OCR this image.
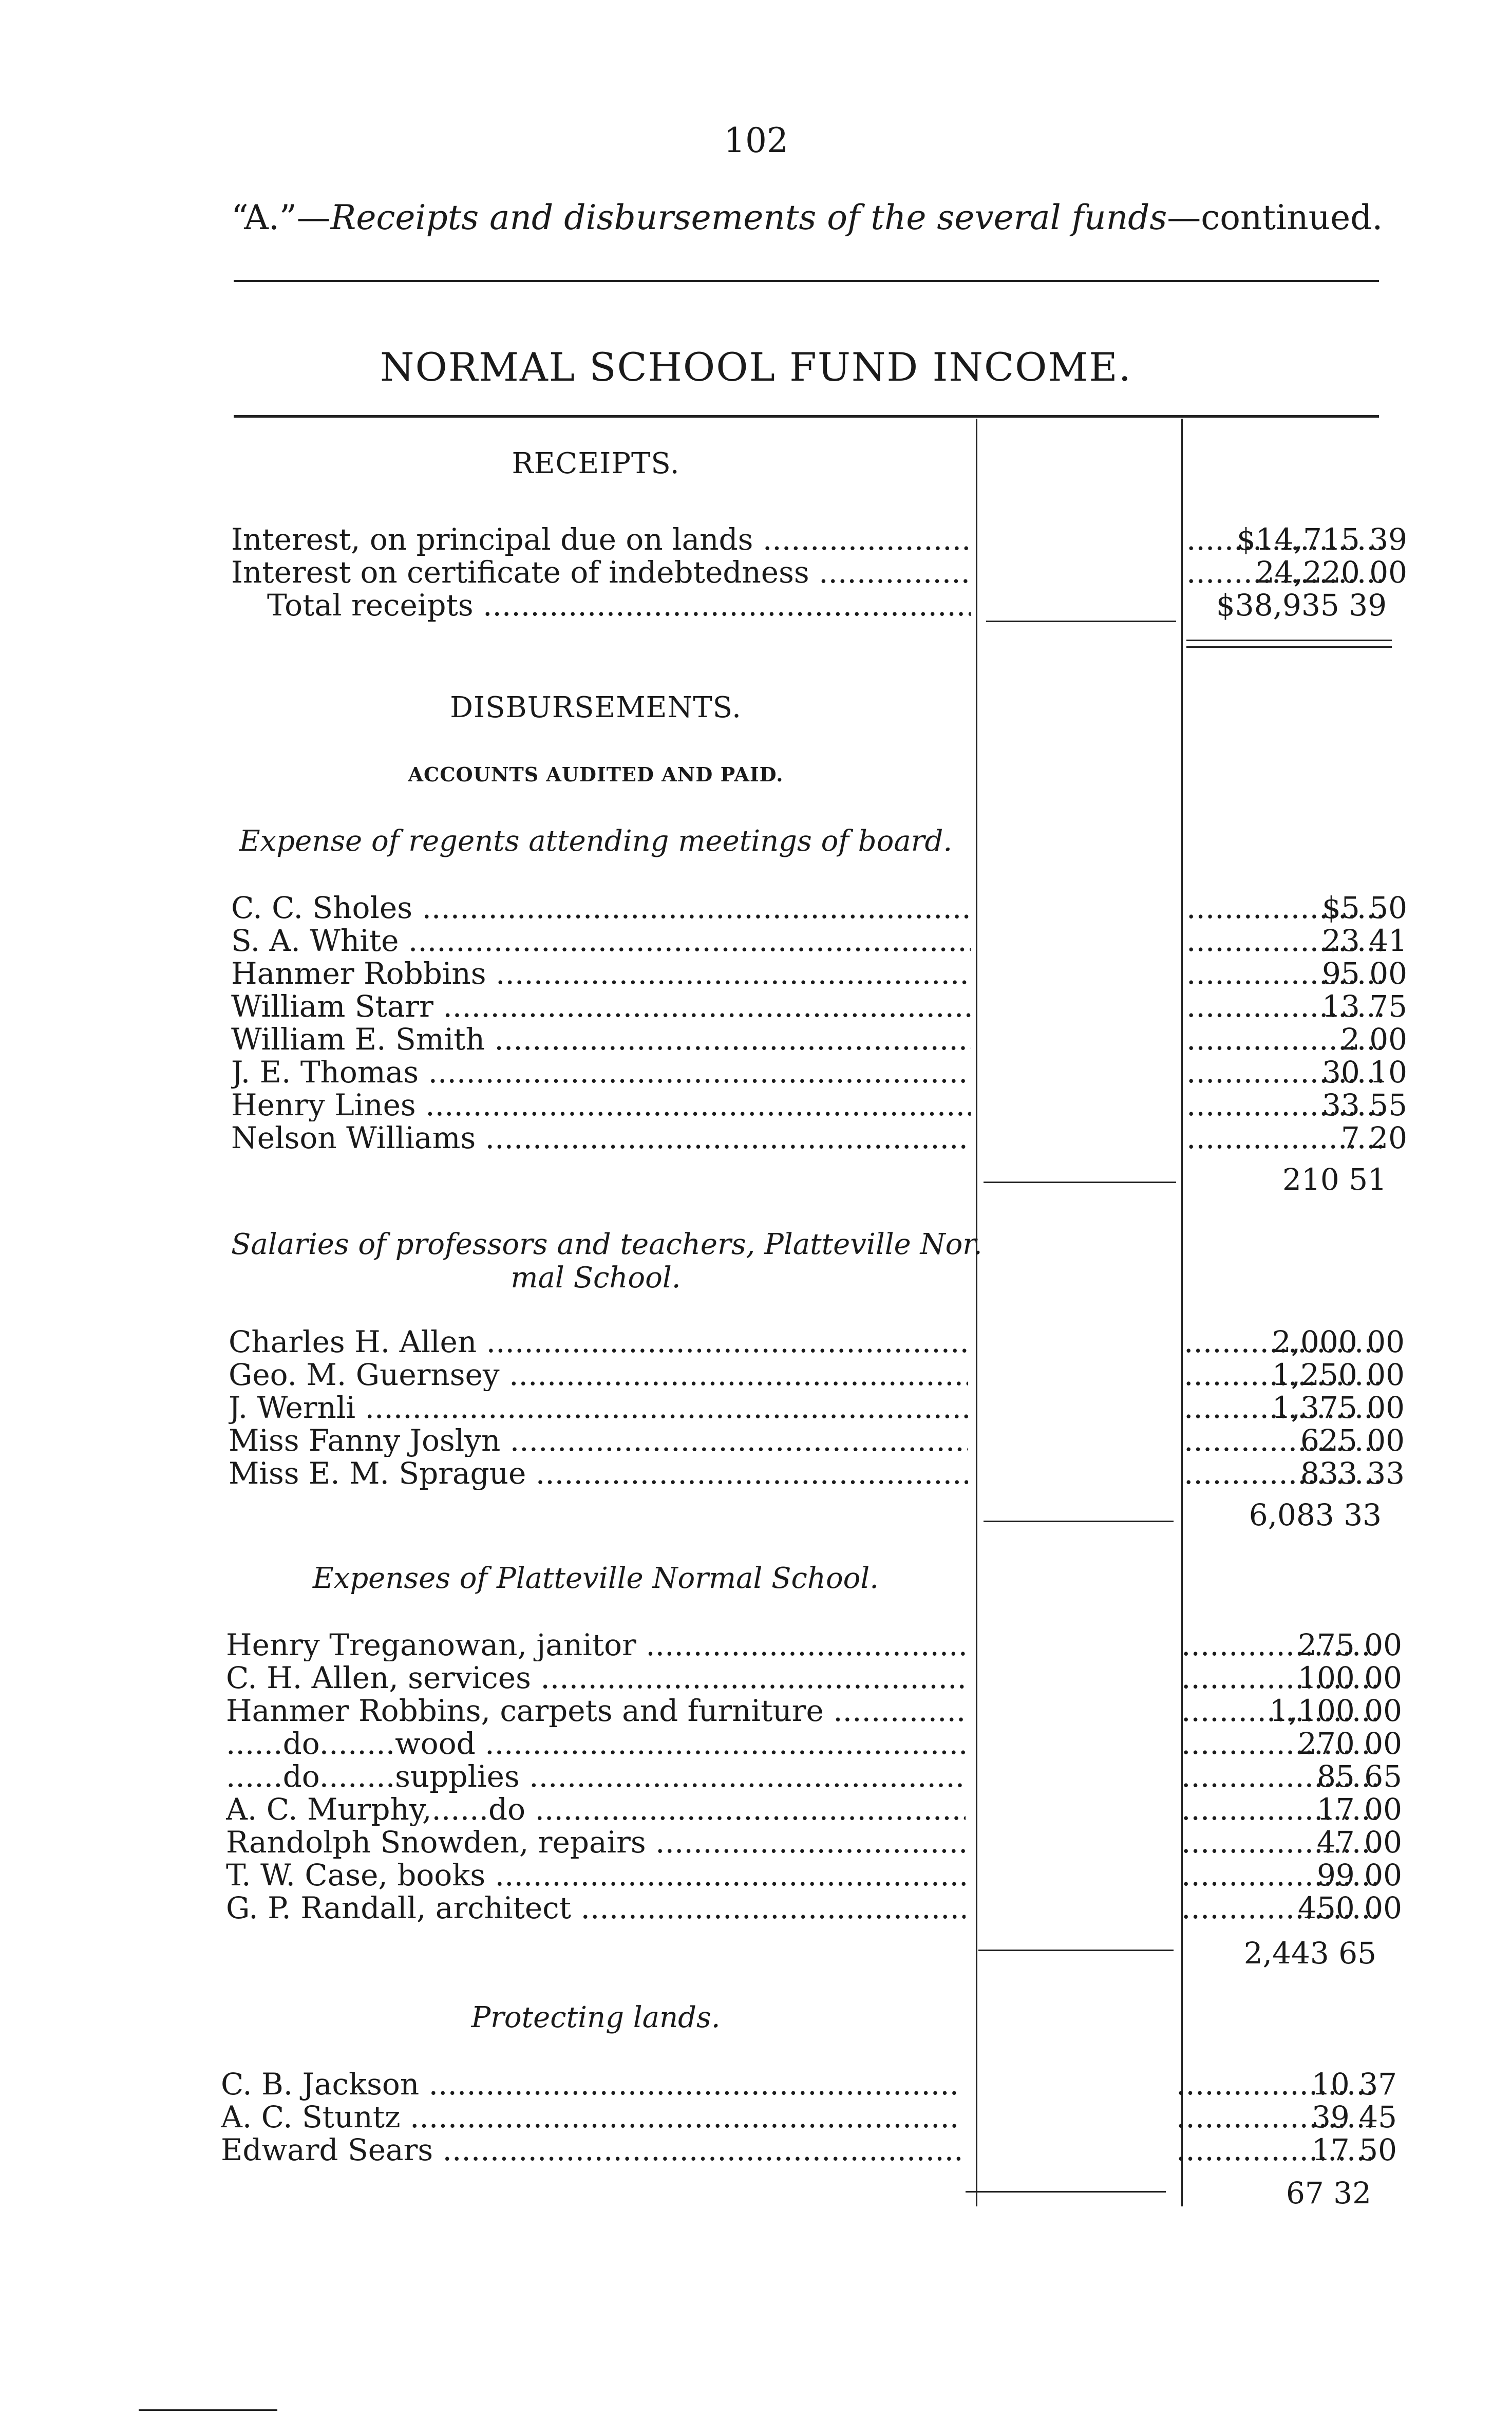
102
“A.”—Receipts and disbursements of the several funds—continued.
NORMAL SCHOOL FUND INCOME.
RECEIPTS.
Interest, on principal due on lands .....	$14,715 39
.....
Interest on certificate of indebtedness .....	24,220 00
.....
Total receipts .....	$38,935 39
DISBURSEMENTS.
ACCOUNTS AUDITED AND PAID.
Expense of regents attending meetings of board.
C. C. Sholes .....	$5 50
.....
S. A. White .....	23 41
.....
Hanmer Robbins .....	95 00
.....
William Starr .....	13 75
.....
William E. Smith .....	2 00
.....
J. E. Thomas .....	30 10
.....
Henry Lines .....	33 55
.....
Nelson Williams .....	7 20
.....
210 51
Salaries of professors and teachers, Platteville Nor.
mal School.
Charles H. Allen .....	2,000 00
.....
Geo. M. Guernsey .....	1,250 00
.....
J. Wernli .....	1,375 00
.....
Miss Fanny Joslyn .....	625 00
.....
Miss E. M. Sprague .....	833 33
.....
6,083 33
Expenses of Platteville Normal School.
Henry Treganowan, janitor .....	275 00
.....
C. H. Allen, services .....	100 00
.....
Hanmer Robbins, carpets and furniture .....	1,100 00
.....
......do........wood .....	270 00
.....
......do........supplies .....	85 65
.....
A. C. Murphy,......do .....	17 00
.....
Randolph Snowden, repairs .....	47 00
.....
T. W. Case, books .....	99 00
.....
G. P. Randall, architect .....	450 00
.....
2,443 65
Protecting lands.
C. B. Jackson .....	10 37
.....
A. C. Stuntz .....	39 45
.....
Edward Sears .....	17 50
.....
67 32
